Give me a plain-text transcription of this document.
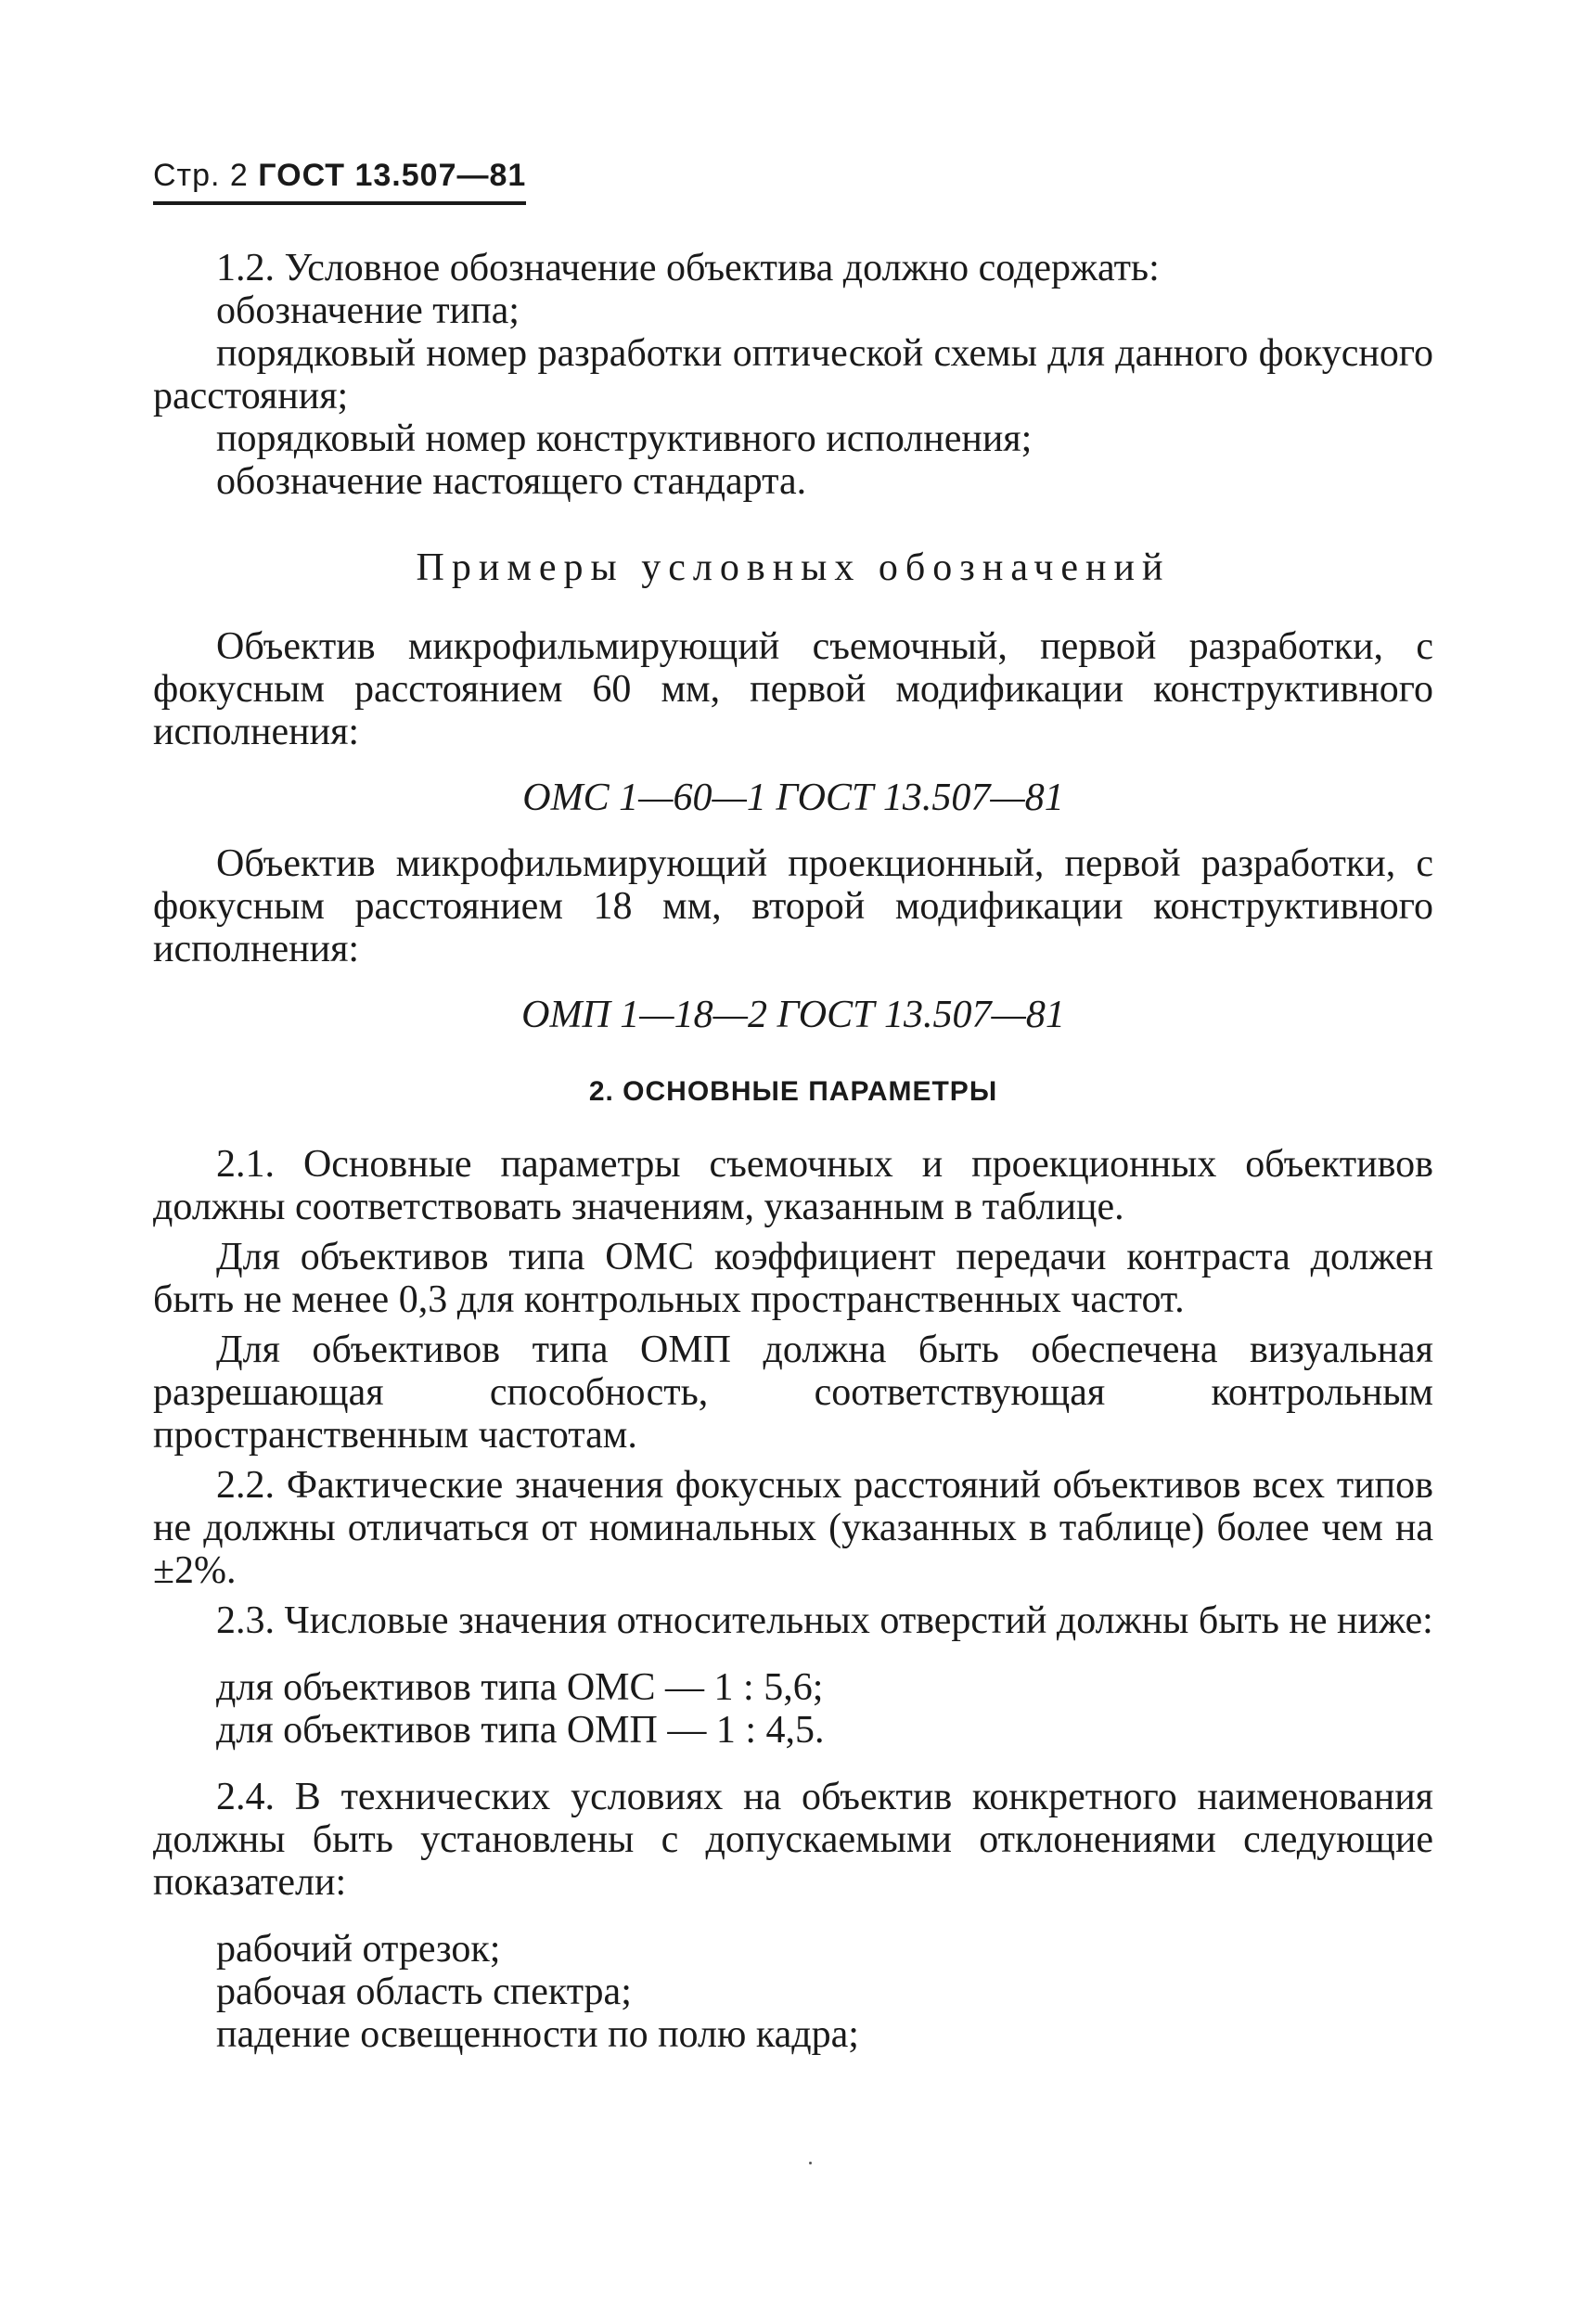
Стр. 2 ГОСТ 13.507—81

1.2. Условное обозначение объектива должно содержать:

обозначение типа;

порядковый номер разработки оптической схемы для данного фокусного расстояния;

порядковый номер конструктивного исполнения;

обозначение настоящего стандарта.

Примеры условных обозначений

Объектив микрофильмирующий съемочный, первой разработки, с фокусным расстоянием 60 мм, первой модификации конструктивного исполнения:

ОМС 1—60—1 ГОСТ 13.507—81

Объектив микрофильмирующий проекционный, первой разработки, с фокусным расстоянием 18 мм, второй модификации конструктивного исполнения:

ОМП 1—18—2 ГОСТ 13.507—81
2. ОСНОВНЫЕ ПАРАМЕТРЫ

2.1. Основные параметры съемочных и проекционных объективов должны соответствовать значениям, указанным в таблице.

Для объективов типа ОМС коэффициент передачи контраста должен быть не менее 0,3 для контрольных пространственных частот.

Для объективов типа ОМП должна быть обеспечена визуальная разрешающая способность, соответствующая контрольным пространственным частотам.

2.2. Фактические значения фокусных расстояний объективов всех типов не должны отличаться от номинальных (указанных в таблице) более чем на ±2%.

2.3. Числовые значения относительных отверстий должны быть не ниже:

для объективов типа ОМС — 1 : 5,6;

для объективов типа ОМП — 1 : 4,5.

2.4. В технических условиях на объектив конкретного наименования должны быть установлены с допускаемыми отклонениями следующие показатели:

рабочий отрезок;

рабочая область спектра;

падение освещенности по полю кадра;
